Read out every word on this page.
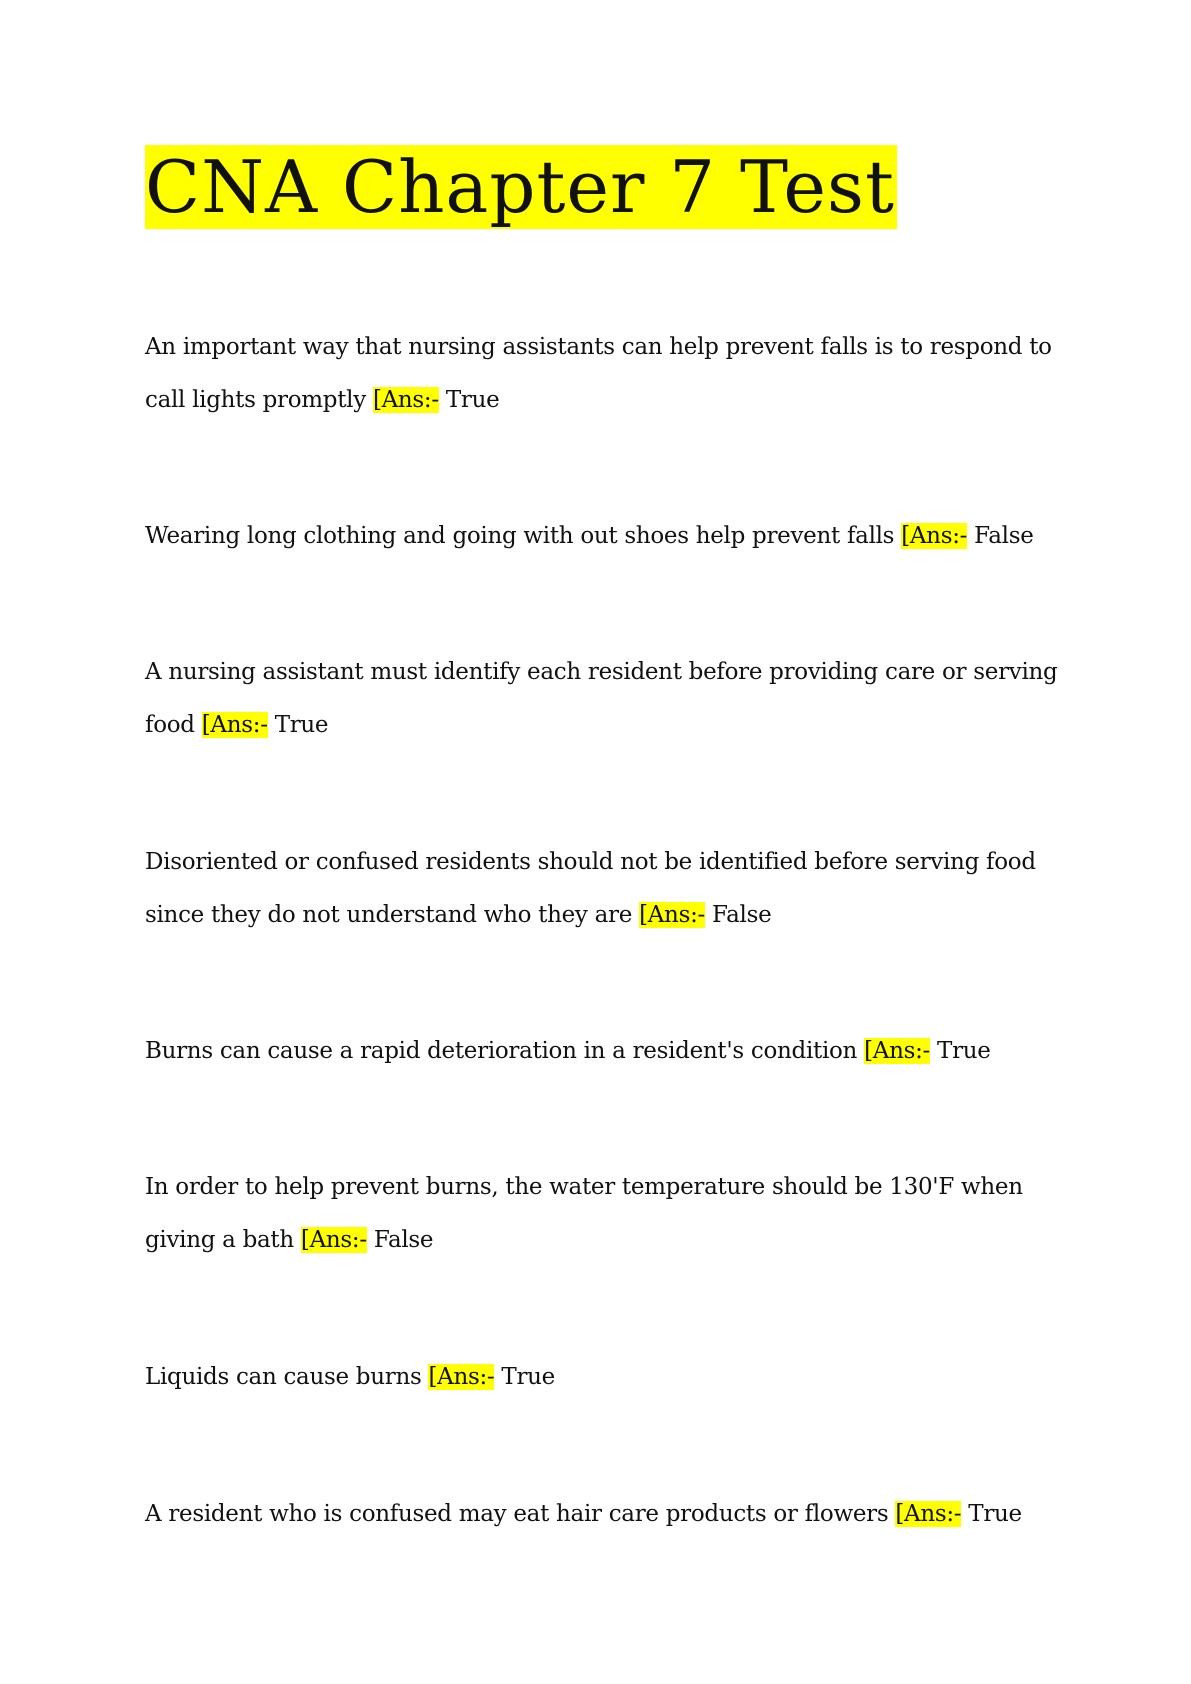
CNA Chapter 7 Test

An important way that nursing assistants can help prevent falls is to respond to call lights promptly [Ans:- True

Wearing long clothing and going with out shoes help prevent falls [Ans:- False

A nursing assistant must identify each resident before providing care or serving food [Ans:- True

Disoriented or confused residents should not be identified before serving food since they do not understand who they are [Ans:- False

Burns can cause a rapid deterioration in a resident's condition [Ans:- True

In order to help prevent burns, the water temperature should be 130'F when giving a bath [Ans:- False

Liquids can cause burns [Ans:- True

A resident who is confused may eat hair care products or flowers [Ans:- True
